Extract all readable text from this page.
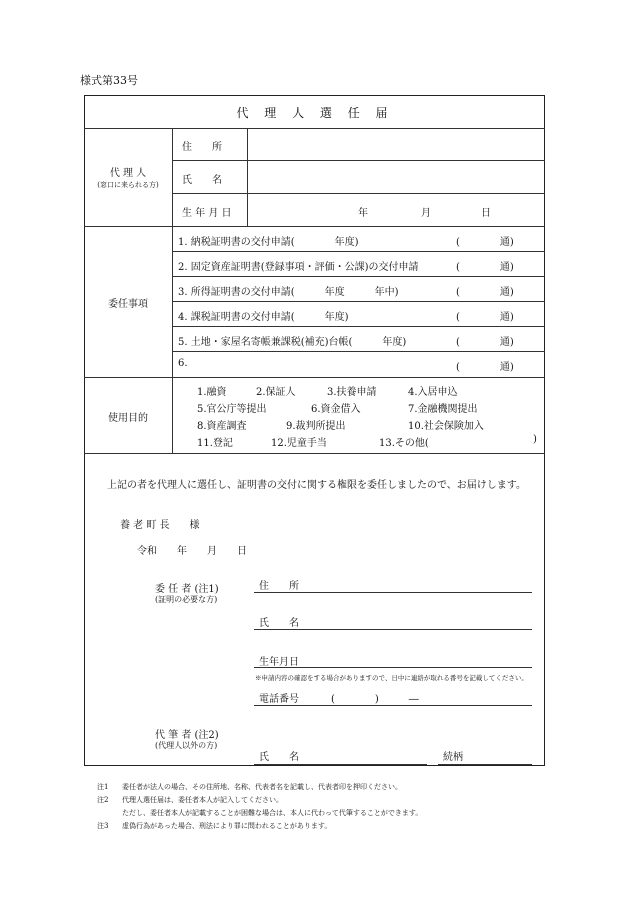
様式第33号
代 理 人 選 任 届
代 理 人
(窓口に来られる方)
住　　所
氏　　名
生 年 月 日	年	月	日
委任事項
1. 納税証明書の交付申請(　　　　年度)	(　　　　通)
2. 固定資産証明書(登録事項・評価・公課)の交付申請	(　　　　通)
3. 所得証明書の交付申請(　　　年度　　　年中)	(　　　　通)
4. 課税証明書の交付申請(　　　年度)	(　　　　通)
5. 土地・家屋名寄帳兼課税(補充)台帳(　　　年度)	(　　　　通)
6.	(　　　　通)
使用目的
1.融資	2.保証人	3.扶養申請	4.入居申込
5.官公庁等提出	6.資金借入	7.金融機関提出
8.資産調査	9.裁判所提出	10.社会保険加入
11.登記	12.児童手当	13.その他(	)
上記の者を代理人に選任し、証明書の交付に関する権限を委任しましたので、お届けします。
養 老 町 長　　様
令和　　年　　月　　日
委 任 者 (注1)
(証明の必要な方)
住　　所
氏　　名
生年月日
※申請内容の確認をする場合がありますので、日中に連絡が取れる番号を記載してください。
電話番号	(　　　　)　　　―
代 筆 者 (注2)
(代理人以外の方)
氏　　名	続柄
注1 委任者が法人の場合、その住所地、名称、代表者名を記載し、代表者印を押印ください。
注2 代理人選任届は、委任者本人が記入してください。
ただし、委任者本人が記載することが困難な場合は、本人に代わって代筆することができます。
注3 虚偽行為があった場合、刑法により罪に問われることがあります。
